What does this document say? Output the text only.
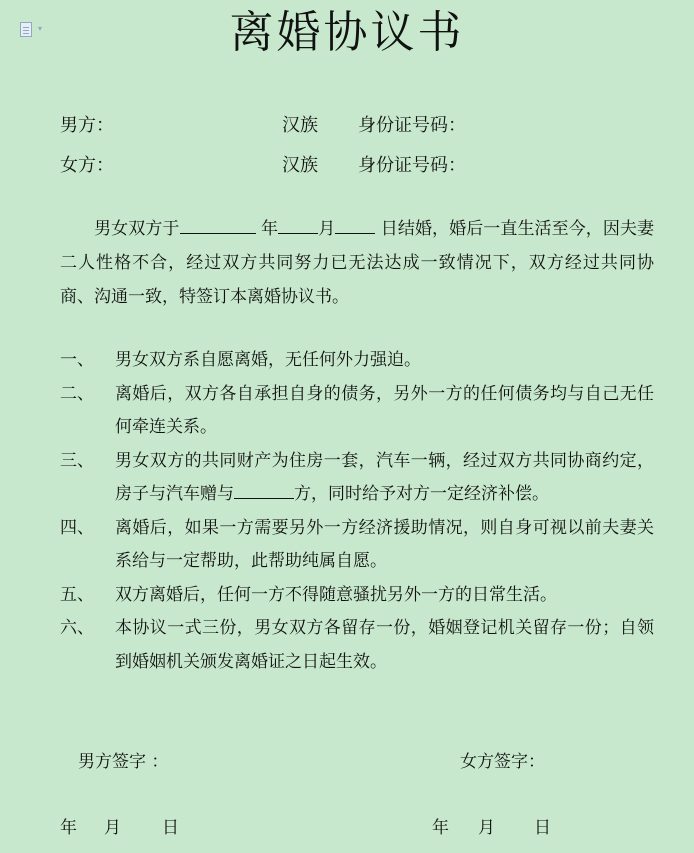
▾	离婚协议书
男方：	汉族 身份证号码：
女方：	汉族 身份证号码：
男女双方于	年 月	日结婚，婚后一直生活至今，因夫妻二人性格不合，经过双方共同努力已无法达成一致情况下，双方经过共同协商、沟通一致，特签订本离婚协议书。
一、 男女双方系自愿离婚，无任何外力强迫。
二、 离婚后，双方各自承担自身的债务，另外一方的任何债务均与自己无任何牵连关系。
三、 男女双方的共同财产为住房一套，汽车一辆，经过双方共同协商约定，房子与汽车赠与	方，同时给予对方一定经济补偿。
四、 离婚后，如果一方需要另外一方经济援助情况，则自身可视以前夫妻关系给与一定帮助，此帮助纯属自愿。
五、 双方离婚后，任何一方不得随意骚扰另外一方的日常生活。
六、 本协议一式三份，男女双方各留存一份，婚姻登记机关留存一份；自领到婚姻机关颁发离婚证之日起生效。
男方签字 ：	女方签字：
年 月 日	年 月 日
